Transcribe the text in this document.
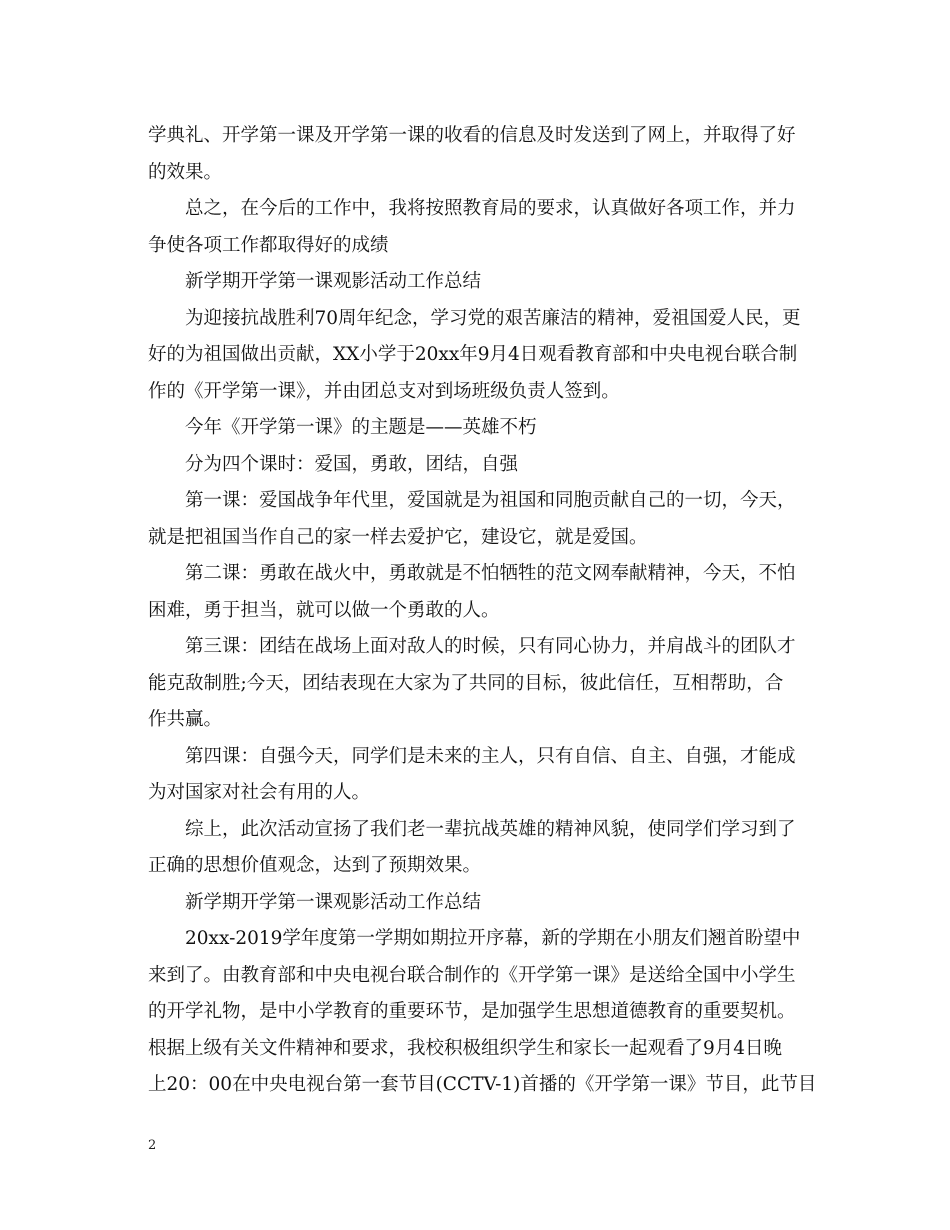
学典礼、开学第一课及开学第一课的收看的信息及时发送到了网上，并取得了好
的效果。
总之，在今后的工作中，我将按照教育局的要求，认真做好各项工作，并力
争使各项工作都取得好的成绩
新学期开学第一课观影活动工作总结
为迎接抗战胜利70周年纪念，学习党的艰苦廉洁的精神，爱祖国爱人民，更
好的为祖国做出贡献，XX小学于20xx年9月4日观看教育部和中央电视台联合制
作的《开学第一课》，并由团总支对到场班级负责人签到。
今年《开学第一课》的主题是——英雄不朽
分为四个课时：爱国，勇敢，团结，自强
第一课：爱国战争年代里，爱国就是为祖国和同胞贡献自己的一切，今天，
就是把祖国当作自己的家一样去爱护它，建设它，就是爱国。
第二课：勇敢在战火中，勇敢就是不怕牺牲的范文网奉献精神，今天，不怕
困难，勇于担当，就可以做一个勇敢的人。
第三课：团结在战场上面对敌人的时候，只有同心协力，并肩战斗的团队才
能克敌制胜;今天，团结表现在大家为了共同的目标，彼此信任，互相帮助，合
作共赢。
第四课：自强今天，同学们是未来的主人，只有自信、自主、自强，才能成
为对国家对社会有用的人。
综上，此次活动宣扬了我们老一辈抗战英雄的精神风貌，使同学们学习到了
正确的思想价值观念，达到了预期效果。
新学期开学第一课观影活动工作总结
20xx-2019学年度第一学期如期拉开序幕，新的学期在小朋友们翘首盼望中
来到了。由教育部和中央电视台联合制作的《开学第一课》是送给全国中小学生
的开学礼物，是中小学教育的重要环节，是加强学生思想道德教育的重要契机。
根据上级有关文件精神和要求，我校积极组织学生和家长一起观看了9月4日晚
上20：00在中央电视台第一套节目(CCTV-1)首播的《开学第一课》节目，此节目
2
